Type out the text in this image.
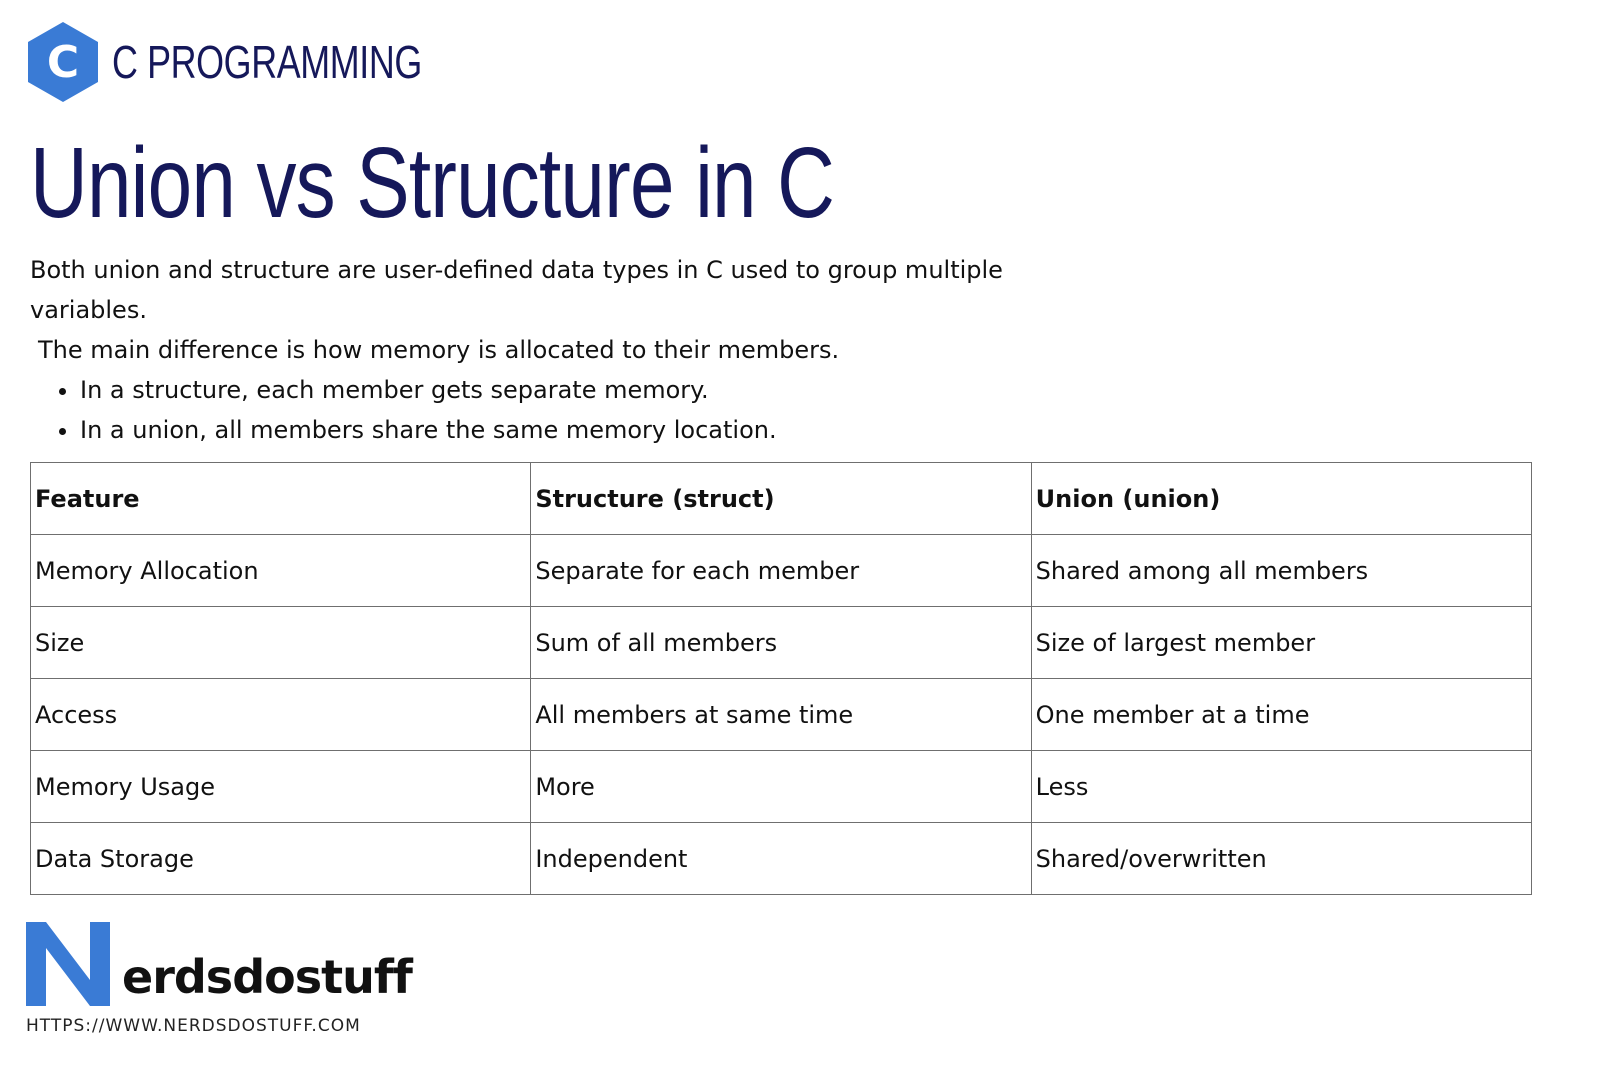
C C PROGRAMMING
Union vs Structure in C

Both union and structure are user-defined data types in C used to group multiple variables.

The main difference is how memory is allocated to their members.

• In a structure, each member gets separate memory.
• In a union, all members share the same memory location.
Feature	Structure (struct)	Union (union)
Memory Allocation	Separate for each member	Shared among all members
Size	Sum of all members	Size of largest member
Access	All members at same time	One member at a time
Memory Usage	More	Less
Data Storage	Independent	Shared/overwritten
erdsdostuff
HTTPS://WWW.NERDSDOSTUFF.COM
